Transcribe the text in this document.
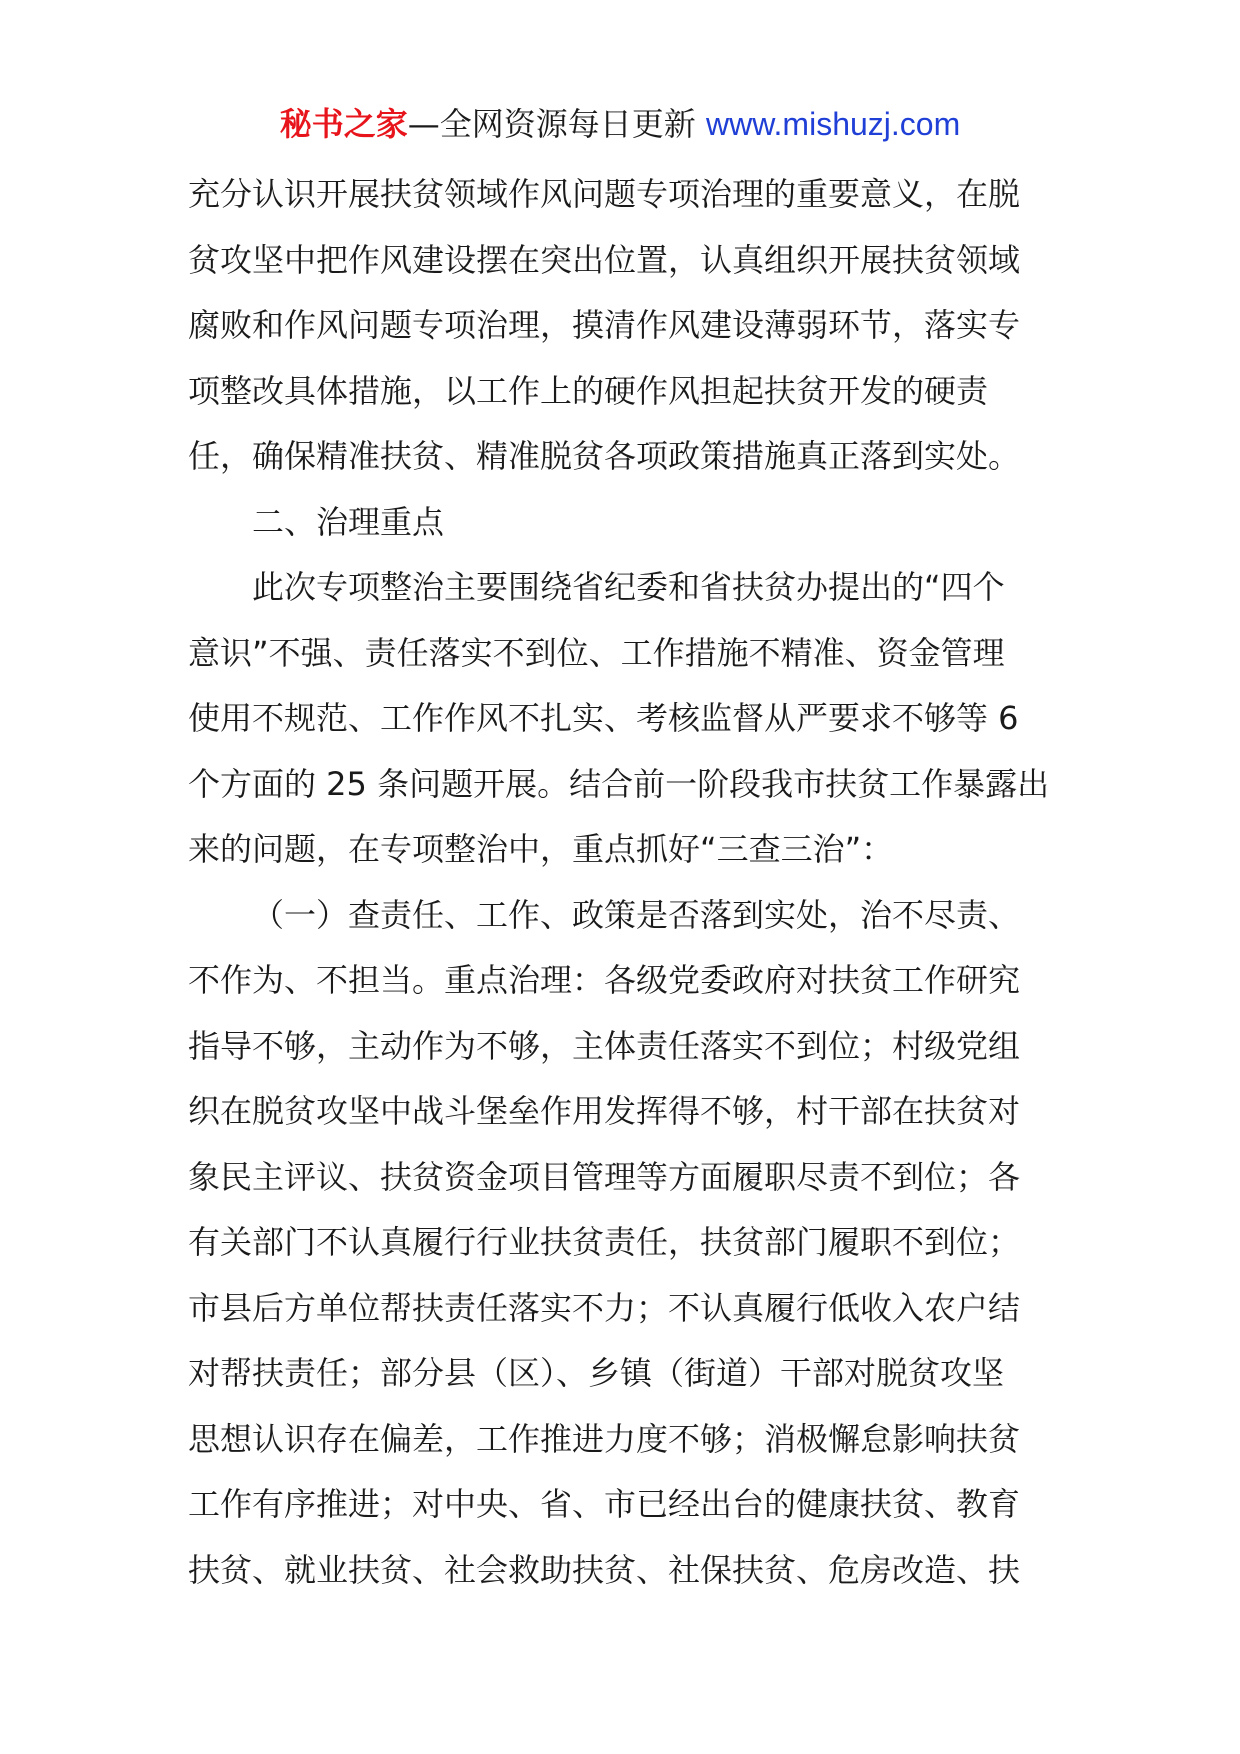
秘书之家—全网资源每日更新 www.mishuzj.com
充分认识开展扶贫领域作风问题专项治理的重要意义，在脱
贫攻坚中把作风建设摆在突出位置，认真组织开展扶贫领域
腐败和作风问题专项治理，摸清作风建设薄弱环节，落实专
项整改具体措施，以工作上的硬作风担起扶贫开发的硬责
任，确保精准扶贫、精准脱贫各项政策措施真正落到实处。
二、治理重点
此次专项整治主要围绕省纪委和省扶贫办提出的“四个
意识”不强、责任落实不到位、工作措施不精准、资金管理
使用不规范、工作作风不扎实、考核监督从严要求不够等 6
个方面的 25 条问题开展。结合前一阶段我市扶贫工作暴露出
来的问题，在专项整治中，重点抓好“三查三治”：
（一）查责任、工作、政策是否落到实处，治不尽责、
不作为、不担当。重点治理：各级党委政府对扶贫工作研究
指导不够，主动作为不够，主体责任落实不到位；村级党组
织在脱贫攻坚中战斗堡垒作用发挥得不够，村干部在扶贫对
象民主评议、扶贫资金项目管理等方面履职尽责不到位；各
有关部门不认真履行行业扶贫责任，扶贫部门履职不到位；
市县后方单位帮扶责任落实不力；不认真履行低收入农户结
对帮扶责任；部分县（区）、乡镇（街道）干部对脱贫攻坚
思想认识存在偏差，工作推进力度不够；消极懈怠影响扶贫
工作有序推进；对中央、省、市已经出台的健康扶贫、教育
扶贫、就业扶贫、社会救助扶贫、社保扶贫、危房改造、扶
